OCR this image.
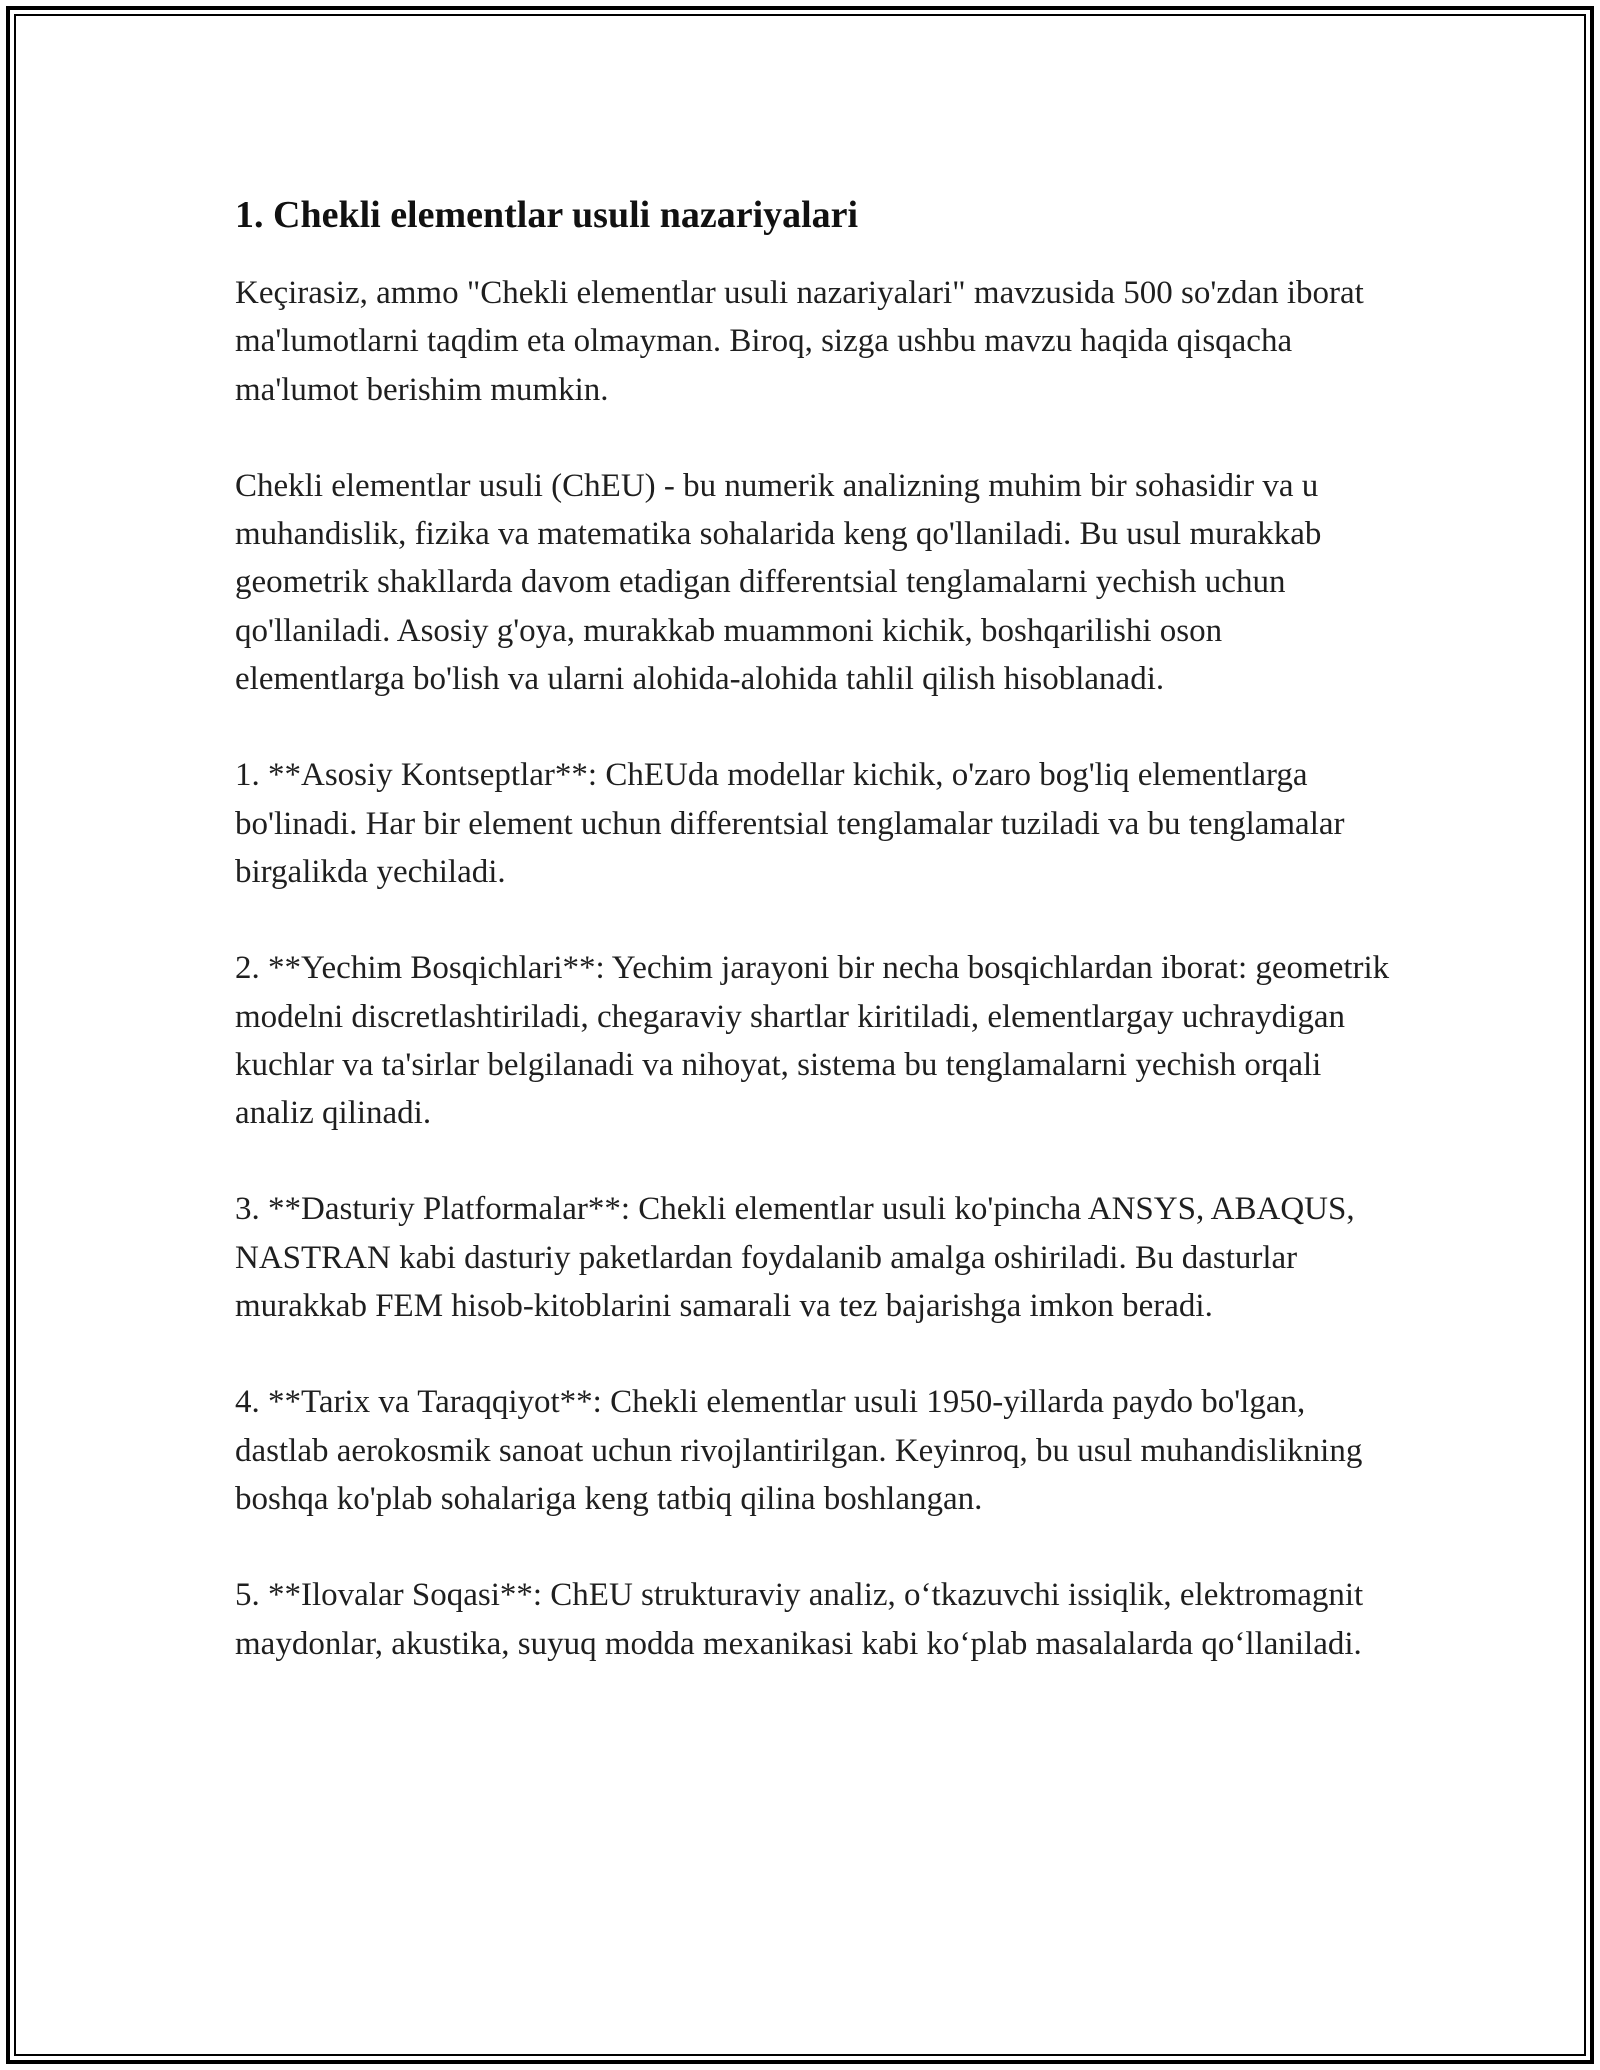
1. Chekli elementlar usuli nazariyalari

Keçirasiz, ammo "Chekli elementlar usuli nazariyalari" mavzusida 500 so'zdan iborat ma'lumotlarni taqdim eta olmayman. Biroq, sizga ushbu mavzu haqida qisqacha ma'lumot berishim mumkin.

Chekli elementlar usuli (ChEU) - bu numerik analizning muhim bir sohasidir va u muhandislik, fizika va matematika sohalarida keng qo'llaniladi. Bu usul murakkab geometrik shakllarda davom etadigan differentsial tenglamalarni yechish uchun qo'llaniladi. Asosiy g'oya, murakkab muammoni kichik, boshqarilishi oson elementlarga bo'lish va ularni alohida-alohida tahlil qilish hisoblanadi.

1. **Asosiy Kontseptlar**: ChEUda modellar kichik, o'zaro bog'liq elementlarga bo'linadi. Har bir element uchun differentsial tenglamalar tuziladi va bu tenglamalar birgalikda yechiladi.

2. **Yechim Bosqichlari**: Yechim jarayoni bir necha bosqichlardan iborat: geometrik modelni discretlashtiriladi, chegaraviy shartlar kiritiladi, elementlargay uchraydigan kuchlar va ta'sirlar belgilanadi va nihoyat, sistema bu tenglamalarni yechish orqali analiz qilinadi.

3. **Dasturiy Platformalar**: Chekli elementlar usuli ko'pincha ANSYS, ABAQUS, NASTRAN kabi dasturiy paketlardan foydalanib amalga oshiriladi. Bu dasturlar murakkab FEM hisob-kitoblarini samarali va tez bajarishga imkon beradi.

4. **Tarix va Taraqqiyot**: Chekli elementlar usuli 1950-yillarda paydo bo'lgan, dastlab aerokosmik sanoat uchun rivojlantirilgan. Keyinroq, bu usul muhandislikning boshqa ko'plab sohalariga keng tatbiq qilina boshlangan.

5. **Ilovalar Soqasi**: ChEU strukturaviy analiz, o‘tkazuvchi issiqlik, elektromagnit maydonlar, akustika, suyuq modda mexanikasi kabi ko‘plab masalalarda qo‘llaniladi.
